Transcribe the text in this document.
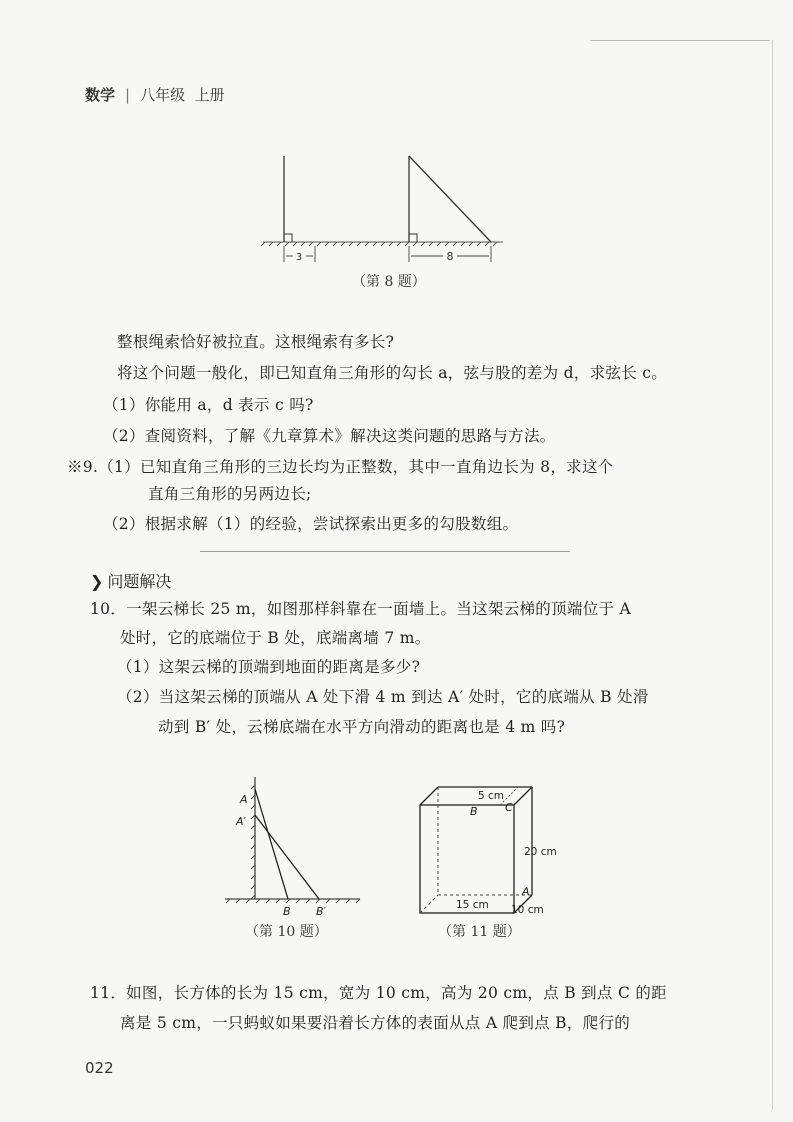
数学 | 八年级 上册
3	8
（第 8 题）
整根绳索恰好被拉直。这根绳索有多长?
将这个问题一般化，即已知直角三角形的勾长 a，弦与股的差为 d，求弦长 c。
（1）你能用 a，d 表示 c 吗?
（2）查阅资料，了解《九章算术》解决这类问题的思路与方法。
※9.（1）已知直角三角形的三边长均为正整数，其中一直角边长为 8，求这个
直角三角形的另两边长;
（2）根据求解（1）的经验，尝试探索出更多的勾股数组。
❯ 问题解决
10．一架云梯长 25 m，如图那样斜靠在一面墙上。当这架云梯的顶端位于 A
处时，它的底端位于 B 处，底端离墙 7 m。
（1）这架云梯的顶端到地面的距离是多少?
（2）当这架云梯的顶端从 A 处下滑 4 m 到达 A′ 处时，它的底端从 B 处滑
动到 B′ 处，云梯底端在水平方向滑动的距离也是 4 m 吗?
A
A′
B B′
（第 10 题）
5 cm
B C
20 cm
A
15 cm 10 cm
（第 11 题）
11．如图，长方体的长为 15 cm，宽为 10 cm，高为 20 cm，点 B 到点 C 的距
离是 5 cm，一只蚂蚁如果要沿着长方体的表面从点 A 爬到点 B，爬行的
022
